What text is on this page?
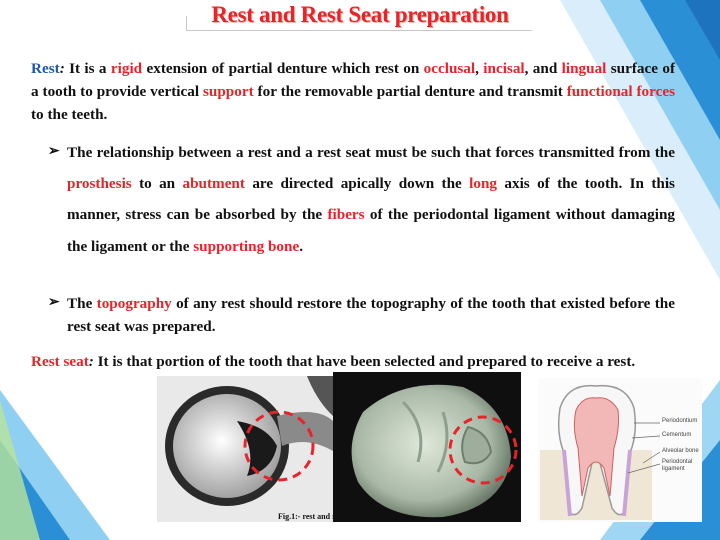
Rest and Rest Seat preparation
Rest: It is a rigid extension of partial denture which rest on occlusal, incisal, and lingual surface of a tooth to provide vertical support for the removable partial denture and transmit functional forces to the teeth.
➢ The relationship between a rest and a rest seat must be such that forces transmitted from the prosthesis to an abutment are directed apically down the long axis of the tooth. In this manner, stress can be absorbed by the fibers of the periodontal ligament without damaging the ligament or the supporting bone.
➢ The topography of any rest should restore the topography of the tooth that existed before the rest seat was prepared.
Rest seat: It is that portion of the tooth that have been selected and prepared to receive a rest.
Periodontium
Cementum
Alveolar bone
Periodontal ligament
Fig.1:- rest and rest seat
